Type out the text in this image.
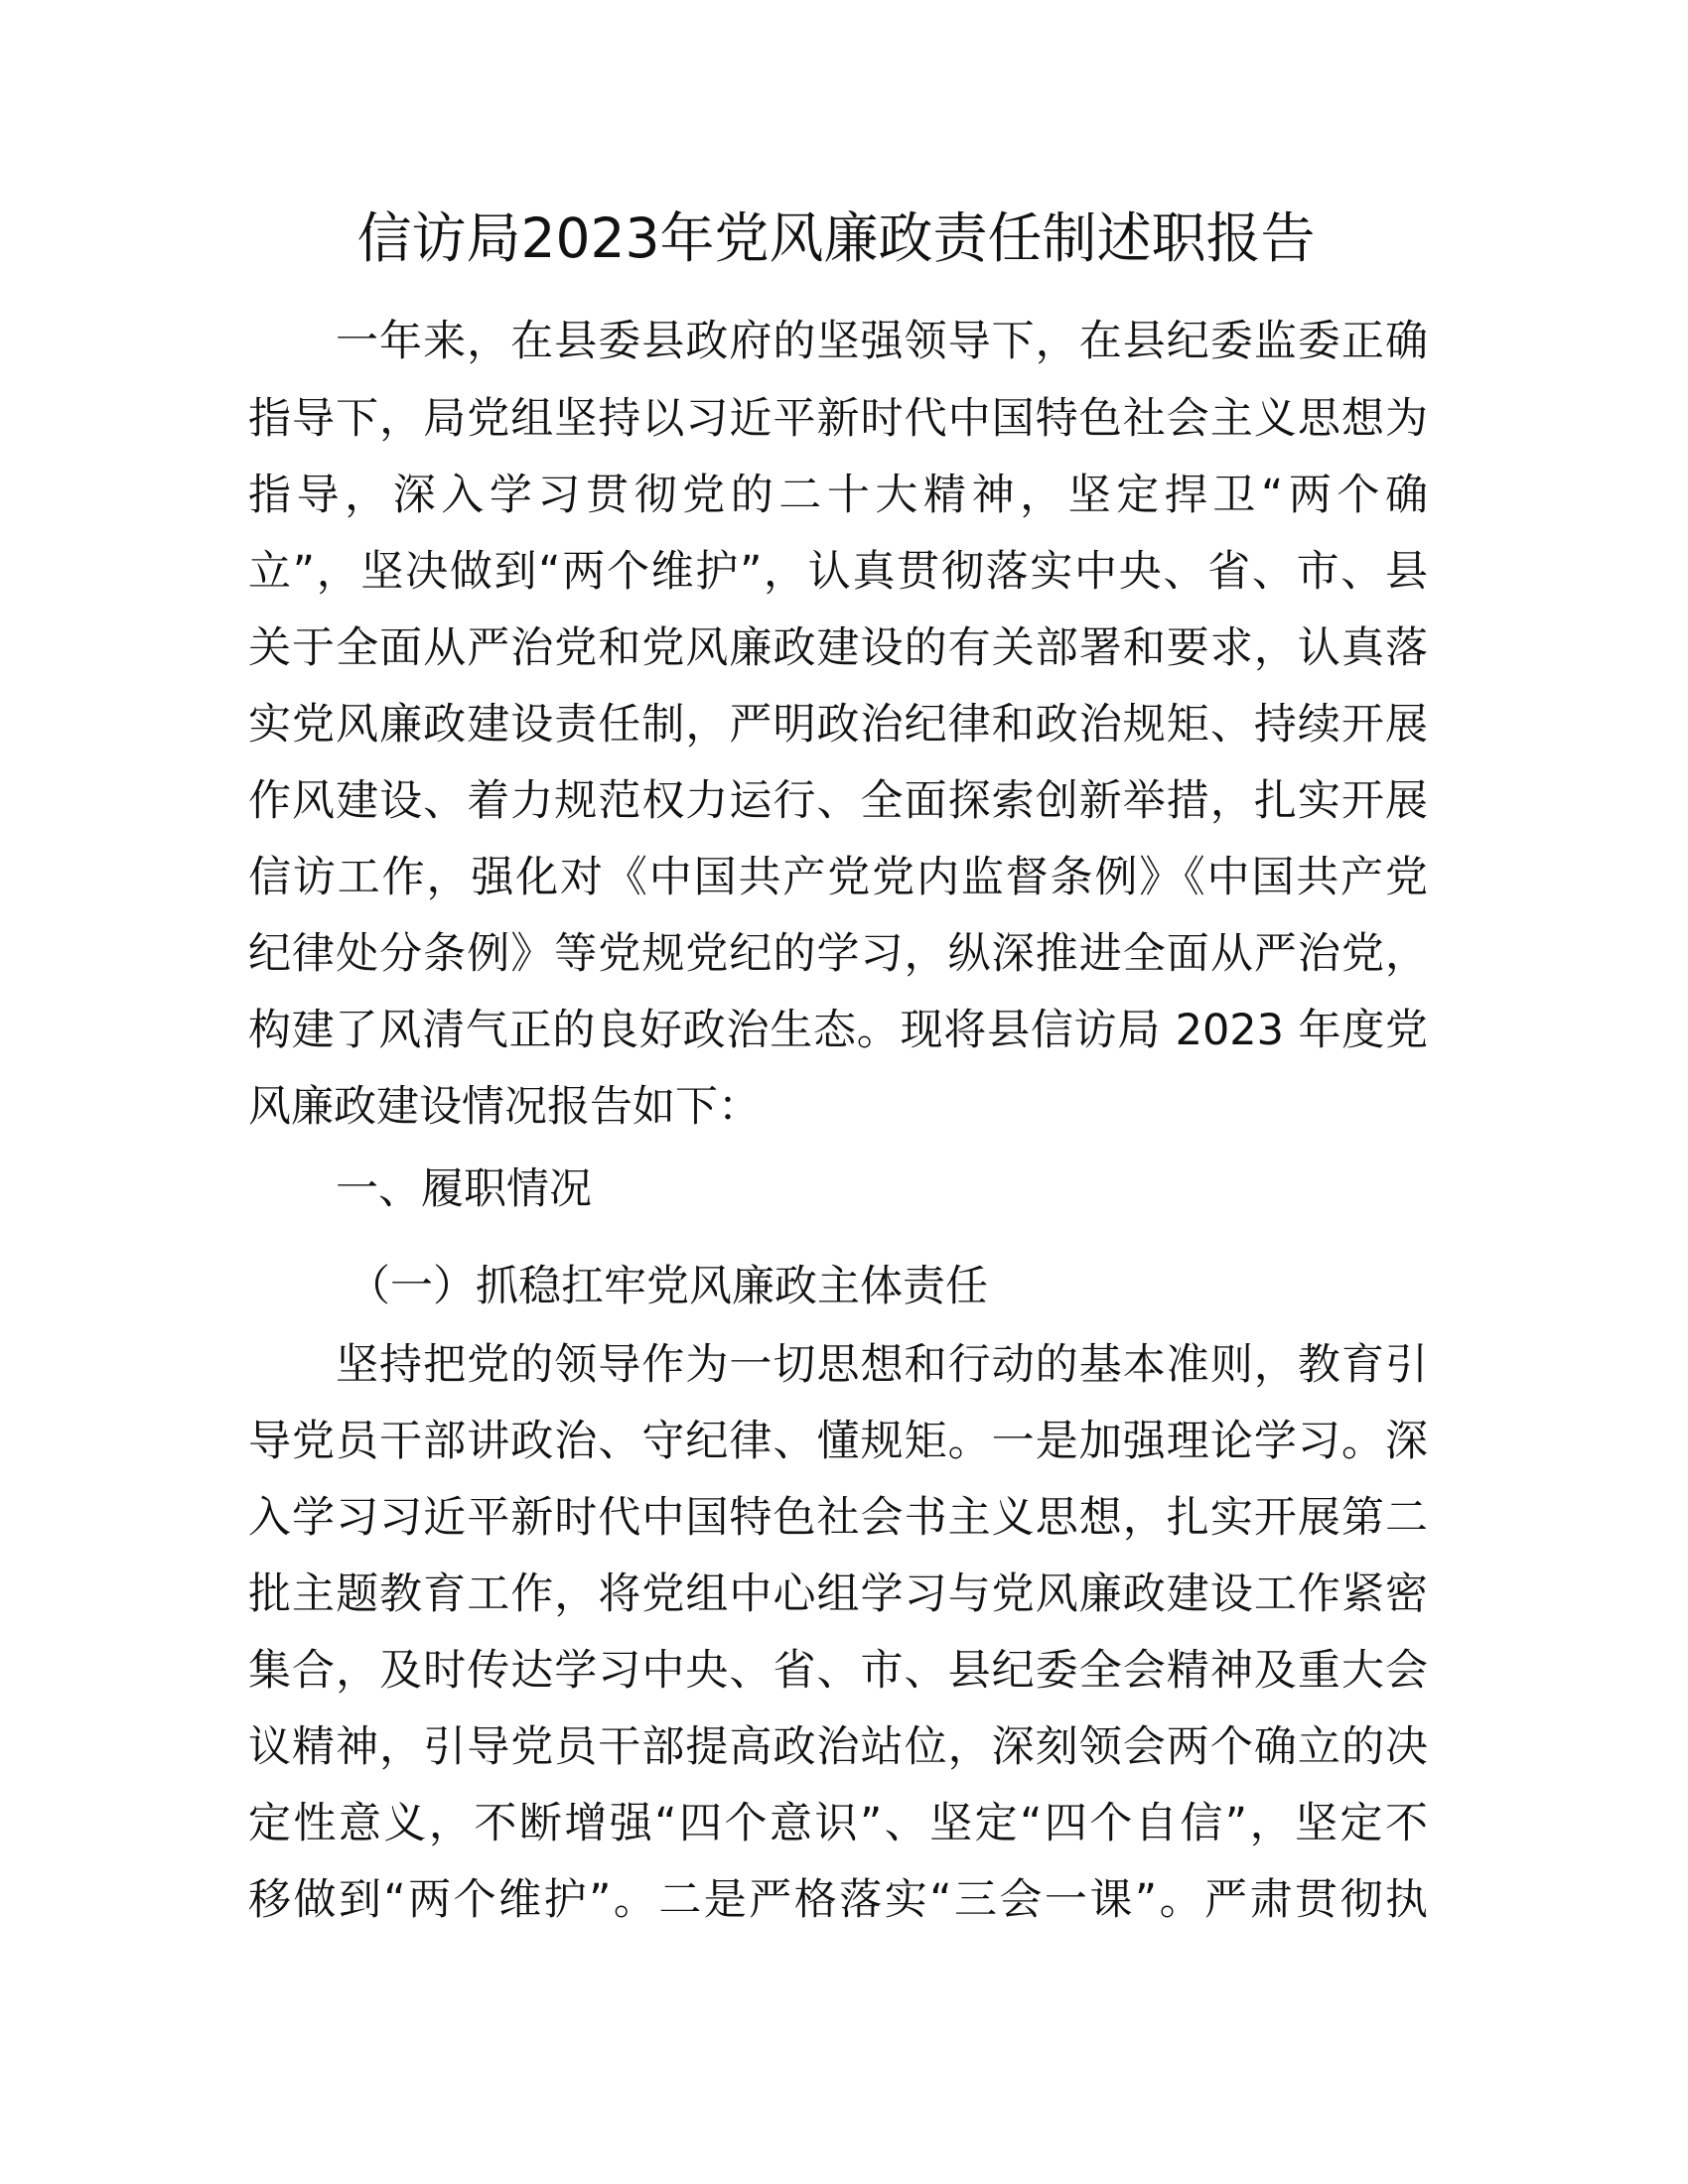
信访局2023年党风廉政责任制述职报告
一年来，在县委县政府的坚强领导下，在县纪委监委正确
指导下，局党组坚持以习近平新时代中国特色社会主义思想为
指导，深入学习贯彻党的二十大精神，坚定捍卫“两个确
立”，坚决做到“两个维护”，认真贯彻落实中央、省、市、县
关于全面从严治党和党风廉政建设的有关部署和要求，认真落
实党风廉政建设责任制，严明政治纪律和政治规矩、持续开展
作风建设、着力规范权力运行、全面探索创新举措，扎实开展
信访工作，强化对《中国共产党党内监督条例》《中国共产党
纪律处分条例》等党规党纪的学习，纵深推进全面从严治党，
构建了风清气正的良好政治生态。现将县信访局 2023 年度党
风廉政建设情况报告如下：
一、履职情况
（一）抓稳扛牢党风廉政主体责任
坚持把党的领导作为一切思想和行动的基本准则，教育引
导党员干部讲政治、守纪律、懂规矩。一是加强理论学习。深
入学习习近平新时代中国特色社会书主义思想，扎实开展第二
批主题教育工作，将党组中心组学习与党风廉政建设工作紧密
集合，及时传达学习中央、省、市、县纪委全会精神及重大会
议精神，引导党员干部提高政治站位，深刻领会两个确立的决
定性意义，不断增强“四个意识”、坚定“四个自信”，坚定不
移做到“两个维护”。二是严格落实“三会一课”。严肃贯彻执
